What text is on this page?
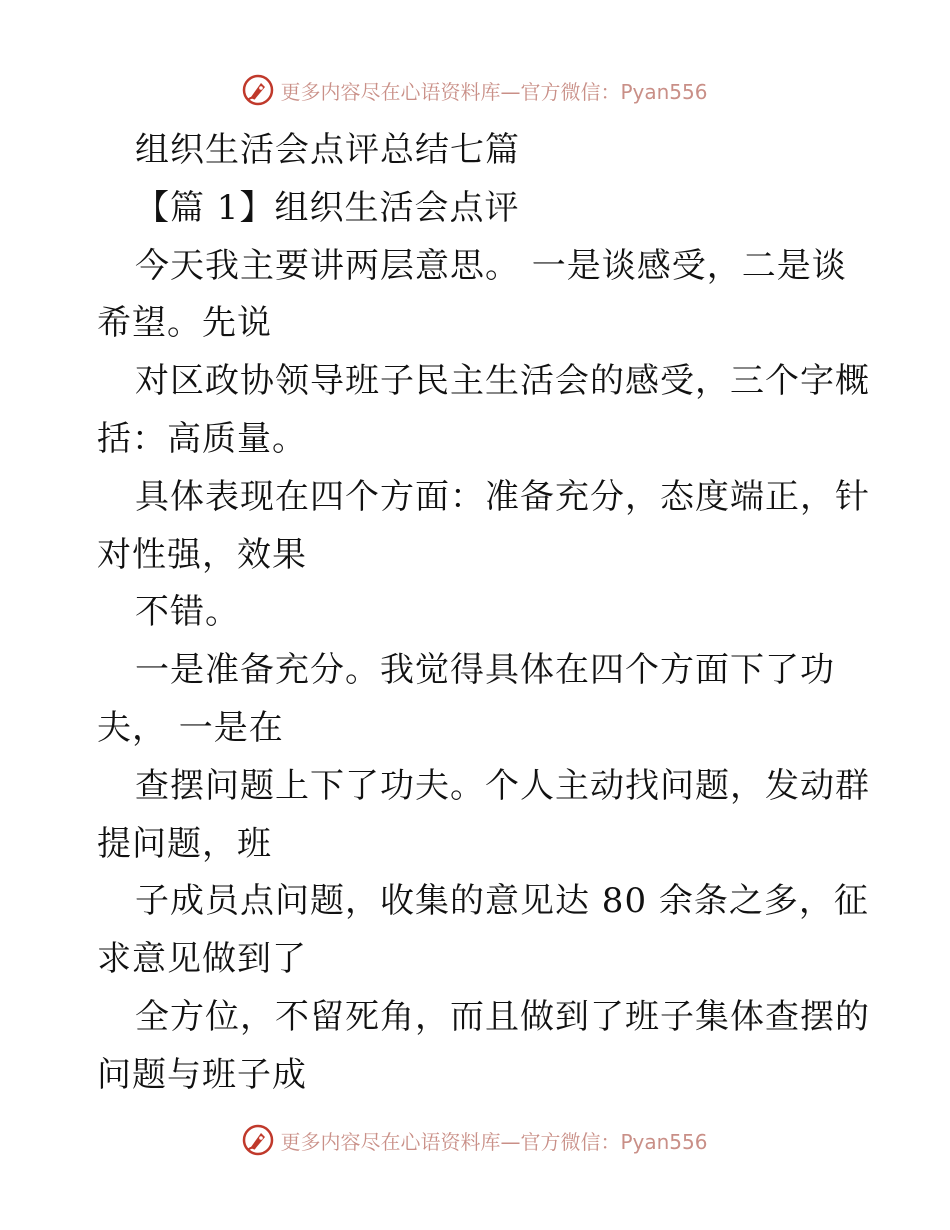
更多内容尽在心语资料库—官方微信：Pyan556
组织生活会点评总结七篇
【篇 1】组织生活会点评
今天我主要讲两层意思。 一是谈感受，二是谈
希望。先说
对区政协领导班子民主生活会的感受，三个字概
括：高质量。
具体表现在四个方面：准备充分，态度端正，针
对性强，效果
不错。
一是准备充分。我觉得具体在四个方面下了功
夫， 一是在
查摆问题上下了功夫。个人主动找问题，发动群
提问题，班
子成员点问题，收集的意见达 80 余条之多，征
求意见做到了
全方位，不留死角，而且做到了班子集体查摆的
问题与班子成
更多内容尽在心语资料库—官方微信：Pyan556
